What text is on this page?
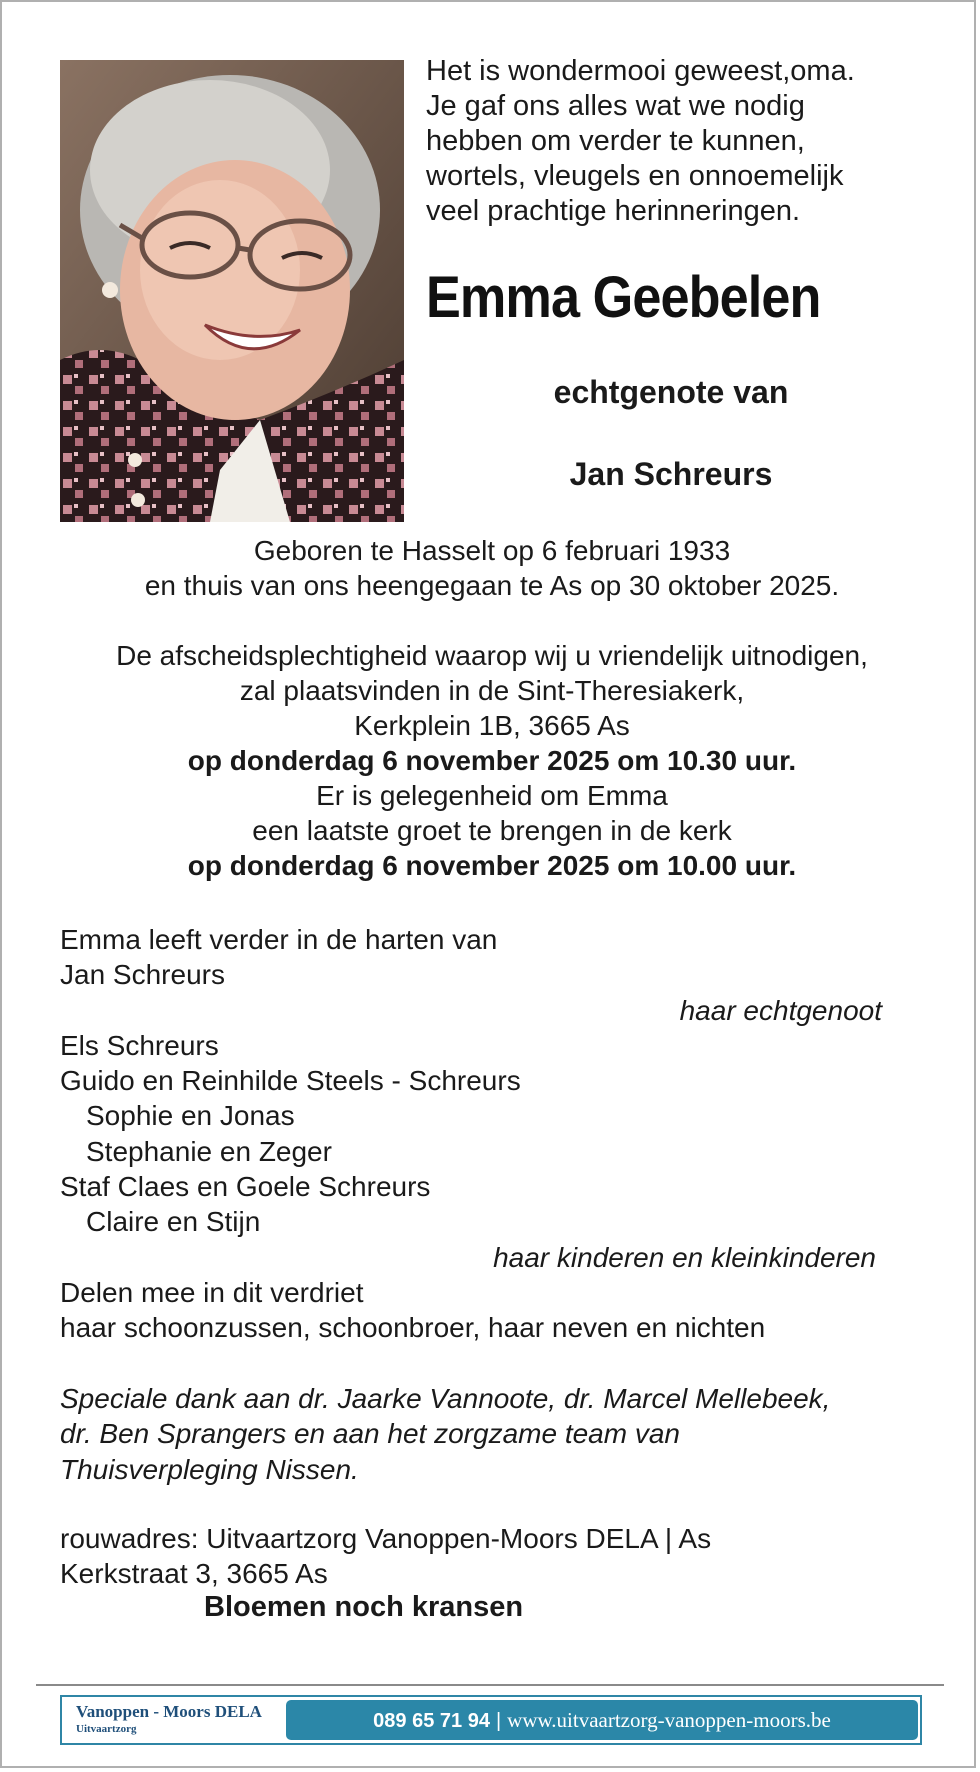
Het is wondermooi geweest,oma.
Je gaf ons alles wat we nodig
hebben om verder te kunnen,
wortels, vleugels en onnoemelijk
veel prachtige herinneringen.
Emma Geebelen
echtgenote van
Jan Schreurs
Geboren te Hasselt op 6 februari 1933
en thuis van ons heengegaan te As op 30 oktober 2025.
De afscheidsplechtigheid waarop wij u vriendelijk uitnodigen,
zal plaatsvinden in de Sint-Theresiakerk,
Kerkplein 1B, 3665 As
op donderdag 6 november 2025 om 10.30 uur.
Er is gelegenheid om Emma
een laatste groet te brengen in de kerk
op donderdag 6 november 2025 om 10.00 uur.
Emma leeft verder in de harten van
Jan Schreurs
haar echtgenoot
Els Schreurs
Guido en Reinhilde Steels - Schreurs
Sophie en Jonas
Stephanie en Zeger
Staf Claes en Goele Schreurs
Claire en Stijn
haar kinderen en kleinkinderen
Delen mee in dit verdriet
haar schoonzussen, schoonbroer, haar neven en nichten
Speciale dank aan dr. Jaarke Vannoote, dr. Marcel Mellebeek,
dr. Ben Sprangers en aan het zorgzame team van
Thuisverpleging Nissen.
rouwadres: Uitvaartzorg Vanoppen-Moors DELA | As
Kerkstraat 3, 3665 As
Bloemen noch kransen
Vanoppen - Moors DELA
Uitvaartzorg	089 65 71 94 | www.uitvaartzorg-vanoppen-moors.be
